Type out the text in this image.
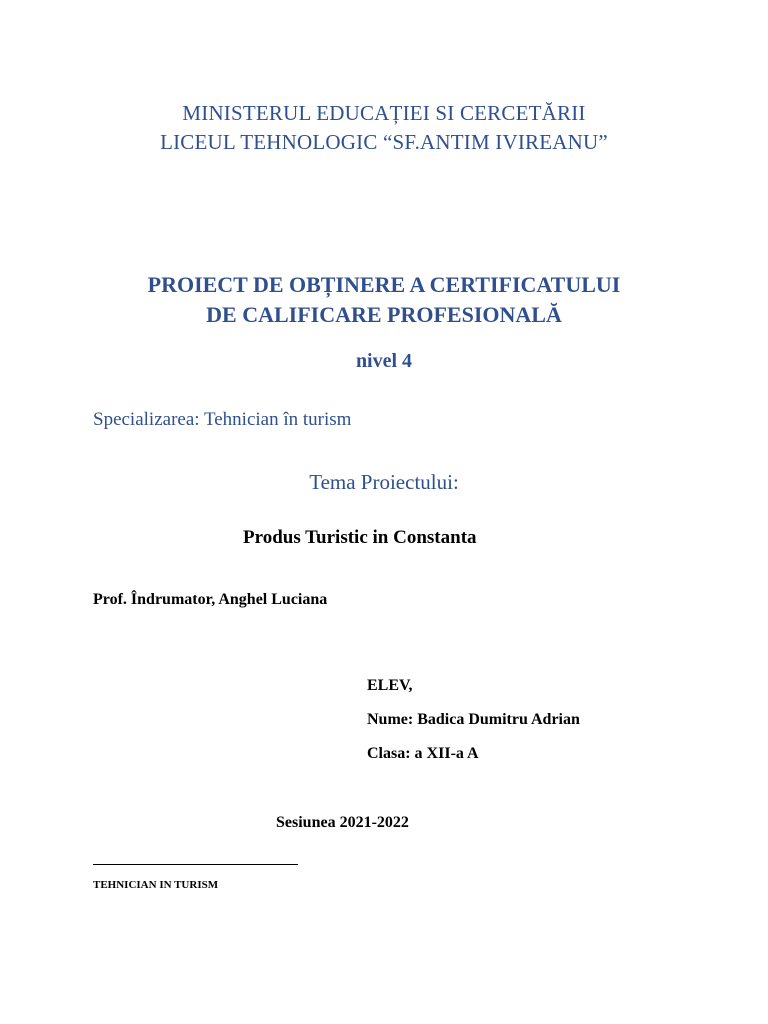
MINISTERUL EDUCAȚIEI SI CERCETĂRII
LICEUL TEHNOLOGIC “SF.ANTIM IVIREANU”
PROIECT DE OBȚINERE A CERTIFICATULUI
DE CALIFICARE PROFESIONALĂ
nivel 4
Specializarea: Tehnician în turism
Tema Proiectului:
Produs Turistic in Constanta
Prof. Îndrumator, Anghel Luciana
ELEV,
Nume: Badica Dumitru Adrian
Clasa: a XII-a A
Sesiunea 2021-2022
TEHNICIAN IN TURISM
